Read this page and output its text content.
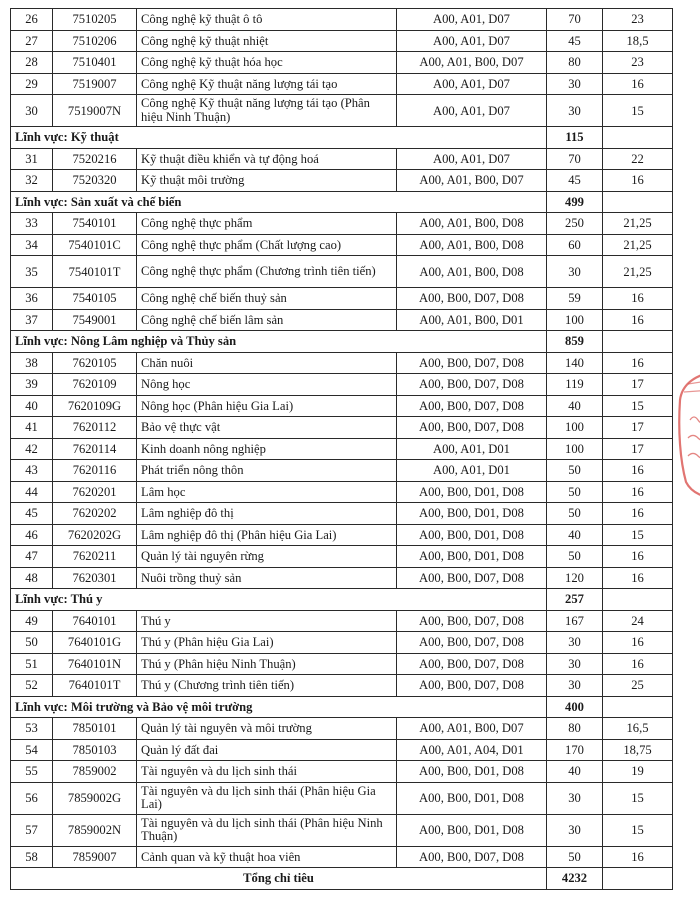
26	7510205	Công nghệ kỹ thuật ô tô	A00, A01, D07	70	23
27	7510206	Công nghệ kỹ thuật nhiệt	A00, A01, D07	45	18,5
28	7510401	Công nghệ kỹ thuật hóa học	A00, A01, B00, D07	80	23
29	7519007	Công nghệ Kỹ thuật năng lượng tái tạo	A00, A01, D07	30	16
30	7519007N	Công nghệ Kỹ thuật năng lượng tái tạo (Phân hiệu Ninh Thuận)	A00, A01, D07	30	15
Lĩnh vực: Kỹ thuật				115	
31	7520216	Kỹ thuật điều khiển và tự động hoá	A00, A01, D07	70	22
32	7520320	Kỹ thuật môi trường	A00, A01, B00, D07	45	16
Lĩnh vực: Sản xuất và chế biến				499	
33	7540101	Công nghệ thực phẩm	A00, A01, B00, D08	250	21,25
34	7540101C	Công nghệ thực phẩm (Chất lượng cao)	A00, A01, B00, D08	60	21,25
35	7540101T	Công nghệ thực phẩm (Chương trình tiên tiến)	A00, A01, B00, D08	30	21,25
36	7540105	Công nghệ chế biến thuỷ sản	A00, B00, D07, D08	59	16
37	7549001	Công nghệ chế biến lâm sản	A00, A01, B00, D01	100	16
Lĩnh vực: Nông Lâm nghiệp và Thủy sản				859	
38	7620105	Chăn nuôi	A00, B00, D07, D08	140	16
39	7620109	Nông học	A00, B00, D07, D08	119	17
40	7620109G	Nông học (Phân hiệu Gia Lai)	A00, B00, D07, D08	40	15
41	7620112	Bảo vệ thực vật	A00, B00, D07, D08	100	17
42	7620114	Kinh doanh nông nghiệp	A00, A01, D01	100	17
43	7620116	Phát triển nông thôn	A00, A01, D01	50	16
44	7620201	Lâm học	A00, B00, D01, D08	50	16
45	7620202	Lâm nghiệp đô thị	A00, B00, D01, D08	50	16
46	7620202G	Lâm nghiệp đô thị (Phân hiệu Gia Lai)	A00, B00, D01, D08	40	15
47	7620211	Quản lý tài nguyên rừng	A00, B00, D01, D08	50	16
48	7620301	Nuôi trồng thuỷ sản	A00, B00, D07, D08	120	16
Lĩnh vực: Thú y				257	
49	7640101	Thú y	A00, B00, D07, D08	167	24
50	7640101G	Thú y (Phân hiệu Gia Lai)	A00, B00, D07, D08	30	16
51	7640101N	Thú y (Phân hiệu Ninh Thuận)	A00, B00, D07, D08	30	16
52	7640101T	Thú y (Chương trình tiên tiến)	A00, B00, D07, D08	30	25
Lĩnh vực: Môi trường và Bảo vệ môi trường				400	
53	7850101	Quản lý tài nguyên và môi trường	A00, A01, B00, D07	80	16,5
54	7850103	Quản lý đất đai	A00, A01, A04, D01	170	18,75
55	7859002	Tài nguyên và du lịch sinh thái	A00, B00, D01, D08	40	19
56	7859002G	Tài nguyên và du lịch sinh thái (Phân hiệu Gia Lai)	A00, B00, D01, D08	30	15
57	7859002N	Tài nguyên và du lịch sinh thái (Phân hiệu Ninh Thuận)	A00, B00, D01, D08	30	15
58	7859007	Cảnh quan và kỹ thuật hoa viên	A00, B00, D07, D08	50	16
Tổng chỉ tiêu				4232	
